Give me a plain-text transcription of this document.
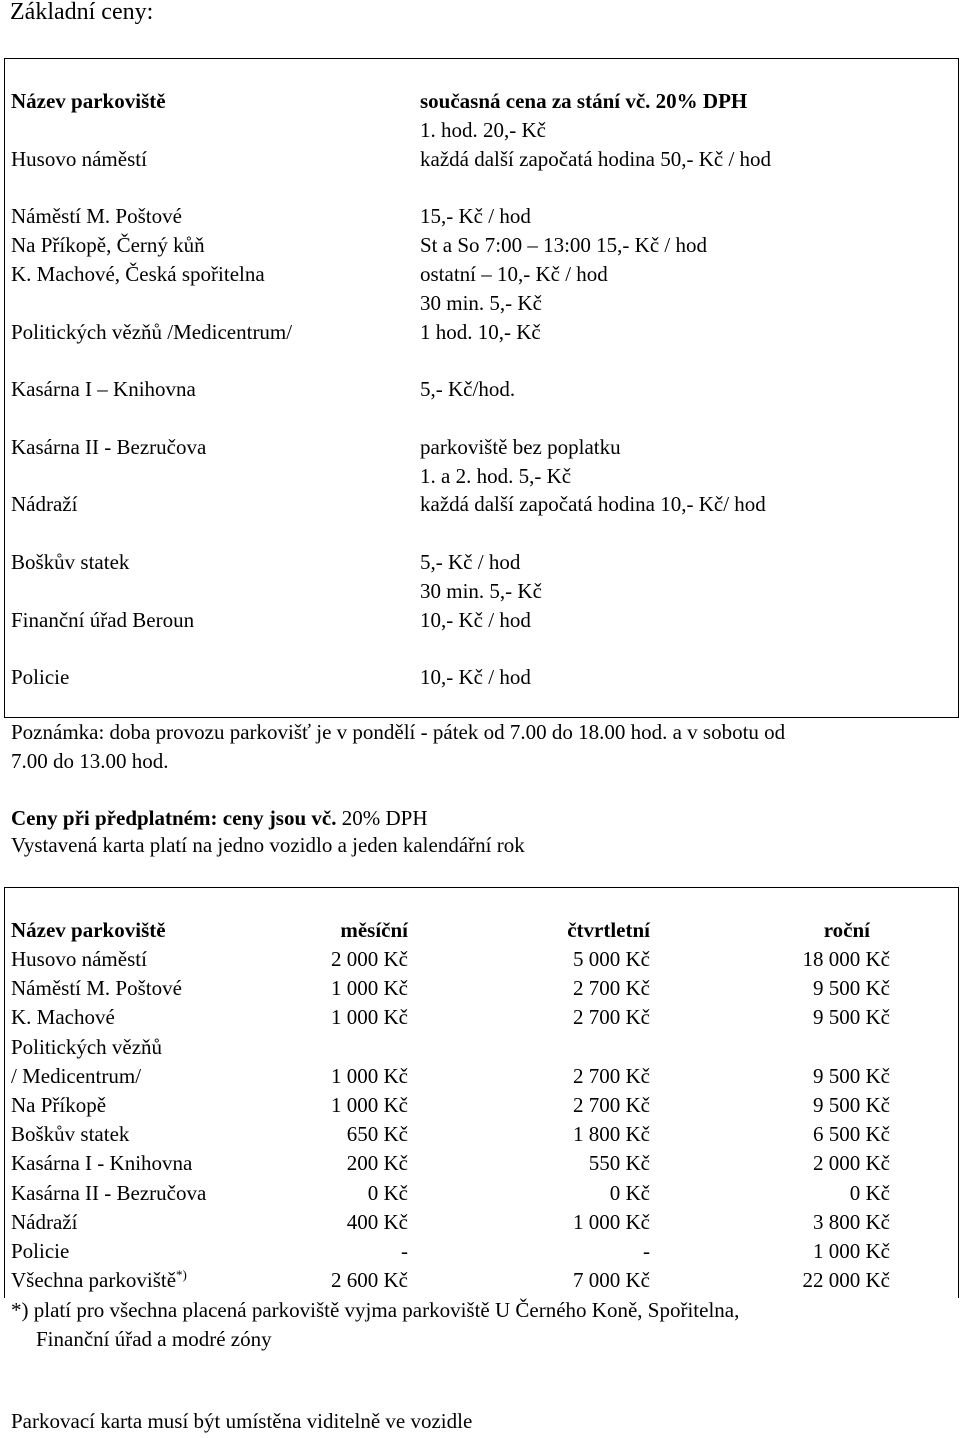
Základní ceny:
Název parkoviště	současná cena za stání vč. 20% DPH
1. hod. 20,- Kč
Husovo náměstí	každá další započatá hodina 50,- Kč / hod
Náměstí M. Poštové	15,- Kč / hod
Na Příkopě, Černý kůň	St a So 7:00 – 13:00 15,- Kč / hod
K. Machové, Česká spořitelna	ostatní – 10,- Kč / hod
30 min. 5,- Kč
Politických vězňů /Medicentrum/	1 hod. 10,- Kč
Kasárna I – Knihovna	5,- Kč/hod.
Kasárna II - Bezručova	parkoviště bez poplatku
1. a 2. hod. 5,- Kč
Nádraží	každá další započatá hodina 10,- Kč/ hod
Boškův statek	5,- Kč / hod
30 min. 5,- Kč
Finanční úřad Beroun	10,- Kč / hod
Policie	10,- Kč / hod
Poznámka: doba provozu parkovišť je v pondělí - pátek od 7.00 do 18.00 hod. a v sobotu od
7.00 do 13.00 hod.
Ceny při předplatném: ceny jsou vč. 20% DPH
Vystavená karta platí na jedno vozidlo a jeden kalendářní rok
Název parkoviště	měsíční	čtvrtletní	roční
Husovo náměstí	2 000 Kč	5 000 Kč	18 000 Kč
Náměstí M. Poštové	1 000 Kč	2 700 Kč	9 500 Kč
K. Machové	1 000 Kč	2 700 Kč	9 500 Kč
Politických vězňů
/ Medicentrum/	1 000 Kč	2 700 Kč	9 500 Kč
Na Příkopě	1 000 Kč	2 700 Kč	9 500 Kč
Boškův statek	650 Kč	1 800 Kč	6 500 Kč
Kasárna I - Knihovna	200 Kč	550 Kč	2 000 Kč
Kasárna II - Bezručova	0 Kč	0 Kč	0 Kč
Nádraží	400 Kč	1 000 Kč	3 800 Kč
Policie	-	-	1 000 Kč
Všechna parkoviště*)	2 600 Kč	7 000 Kč	22 000 Kč
*) platí pro všechna placená parkoviště vyjma parkoviště U Černého Koně, Spořitelna,
Finanční úřad a modré zóny
Parkovací karta musí být umístěna viditelně ve vozidle
